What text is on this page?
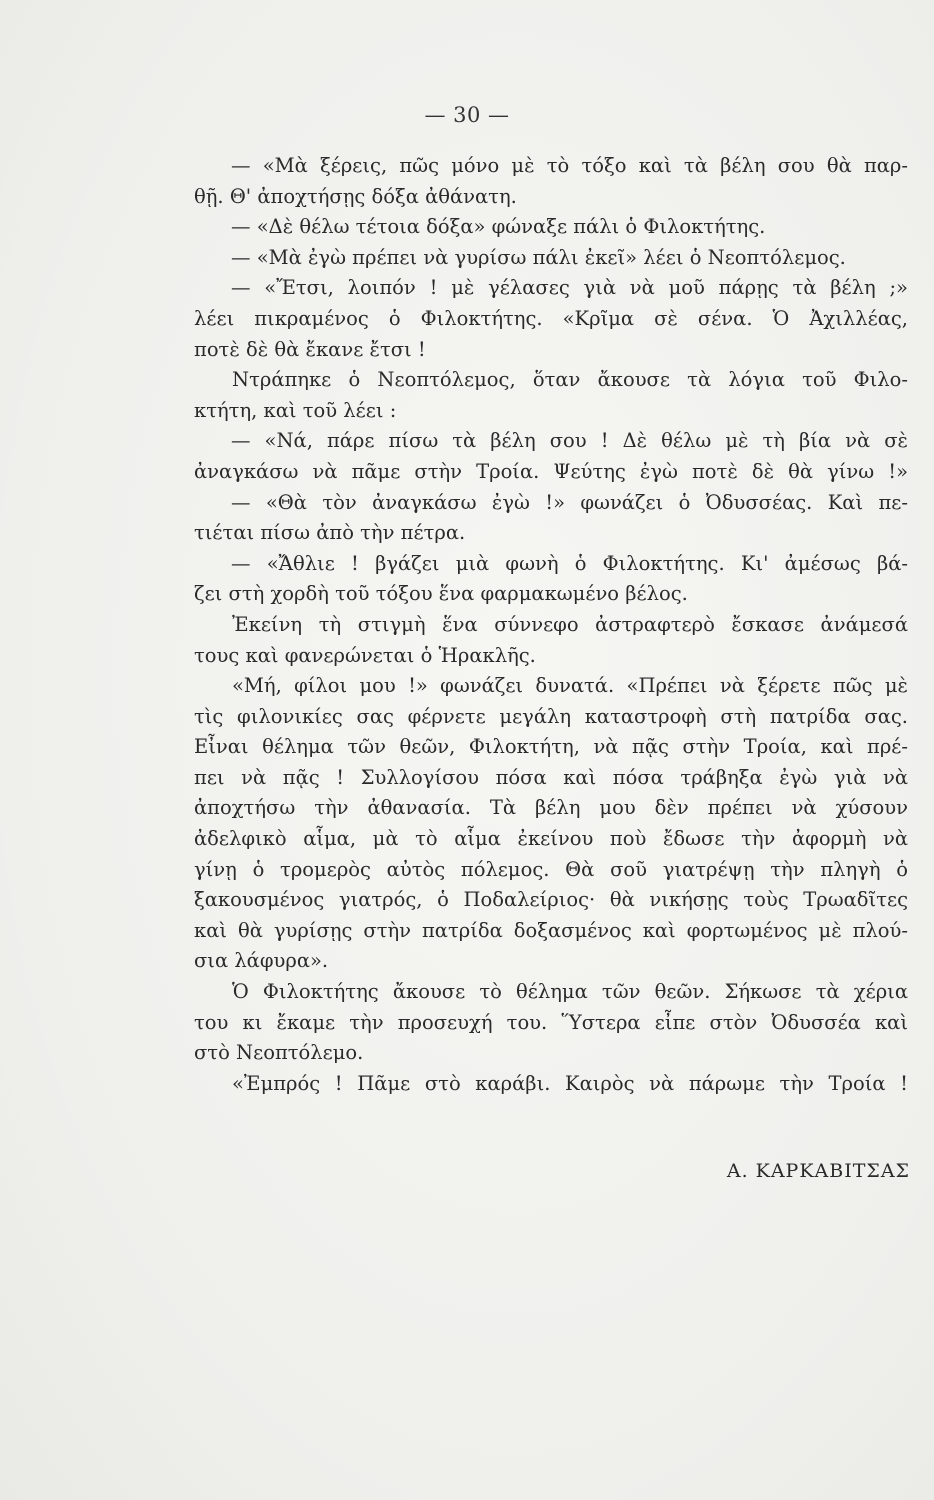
— 30 —
— «Μὰ ξέρεις, πῶς μόνο μὲ τὸ τόξο καὶ τὰ βέλη σου θὰ παρ-
θῇ. Θ' ἀποχτήσῃς δόξα ἀθάνατη.
— «Δὲ θέλω τέτοια δόξα» φώναξε πάλι ὁ Φιλοκτήτης.
— «Μὰ ἐγὼ πρέπει νὰ γυρίσω πάλι ἐκεῖ» λέει ὁ Νεοπτόλεμος.
— «Ἔτσι, λοιπόν ! μὲ γέλασες γιὰ νὰ μοῦ πάρῃς τὰ βέλη ;»
λέει πικραμένος ὁ Φιλοκτήτης. «Κρῖμα σὲ σένα. Ὁ Ἀχιλλέας,
ποτὲ δὲ θὰ ἔκανε ἔτσι !
Ντράπηκε ὁ Νεοπτόλεμος, ὅταν ἄκουσε τὰ λόγια τοῦ Φιλο-
κτήτη, καὶ τοῦ λέει :
— «Νά, πάρε πίσω τὰ βέλη σου ! Δὲ θέλω μὲ τὴ βία νὰ σὲ
ἀναγκάσω νὰ πᾶμε στὴν Τροία. Ψεύτης ἐγὼ ποτὲ δὲ θὰ γίνω !»
— «Θὰ τὸν ἀναγκάσω ἐγὼ !» φωνάζει ὁ Ὀδυσσέας. Καὶ πε-
τιέται πίσω ἀπὸ τὴν πέτρα.
— «Ἄθλιε ! βγάζει μιὰ φωνὴ ὁ Φιλοκτήτης. Κι' ἀμέσως βά-
ζει στὴ χορδὴ τοῦ τόξου ἕνα φαρμακωμένο βέλος.
Ἐκείνη τὴ στιγμὴ ἕνα σύννεφο ἀστραφτερὸ ἔσκασε ἀνάμεσά
τους καὶ φανερώνεται ὁ Ἡρακλῆς.
«Μή, φίλοι μου !» φωνάζει δυνατά. «Πρέπει νὰ ξέρετε πῶς μὲ
τὶς φιλονικίες σας φέρνετε μεγάλη καταστροφὴ στὴ πατρίδα σας.
Εἶναι θέλημα τῶν θεῶν, Φιλοκτήτη, νὰ πᾷς στὴν Τροία, καὶ πρέ-
πει νὰ πᾷς ! Συλλογίσου πόσα καὶ πόσα τράβηξα ἐγὼ γιὰ νὰ
ἀποχτήσω τὴν ἀθανασία. Τὰ βέλη μου δὲν πρέπει νὰ χύσουν
ἀδελφικὸ αἷμα, μὰ τὸ αἷμα ἐκείνου ποὺ ἔδωσε τὴν ἀφορμὴ νὰ
γίνῃ ὁ τρομερὸς αὐτὸς πόλεμος. Θὰ σοῦ γιατρέψῃ τὴν πληγὴ ὁ
ξακουσμένος γιατρός, ὁ Ποδαλείριος· θὰ νικήσῃς τοὺς Τρωαδῖτες
καὶ θὰ γυρίσῃς στὴν πατρίδα δοξασμένος καὶ φορτωμένος μὲ πλού-
σια λάφυρα».
Ὁ Φιλοκτήτης ἄκουσε τὸ θέλημα τῶν θεῶν. Σήκωσε τὰ χέρια
του κι ἔκαμε τὴν προσευχή του. Ὕστερα εἶπε στὸν Ὀδυσσέα καὶ
στὸ Νεοπτόλεμο.
«Ἐμπρός ! Πᾶμε στὸ καράβι. Καιρὸς νὰ πάρωμε τὴν Τροία !
Α. ΚΑΡΚΑΒΙΤΣΑΣ
